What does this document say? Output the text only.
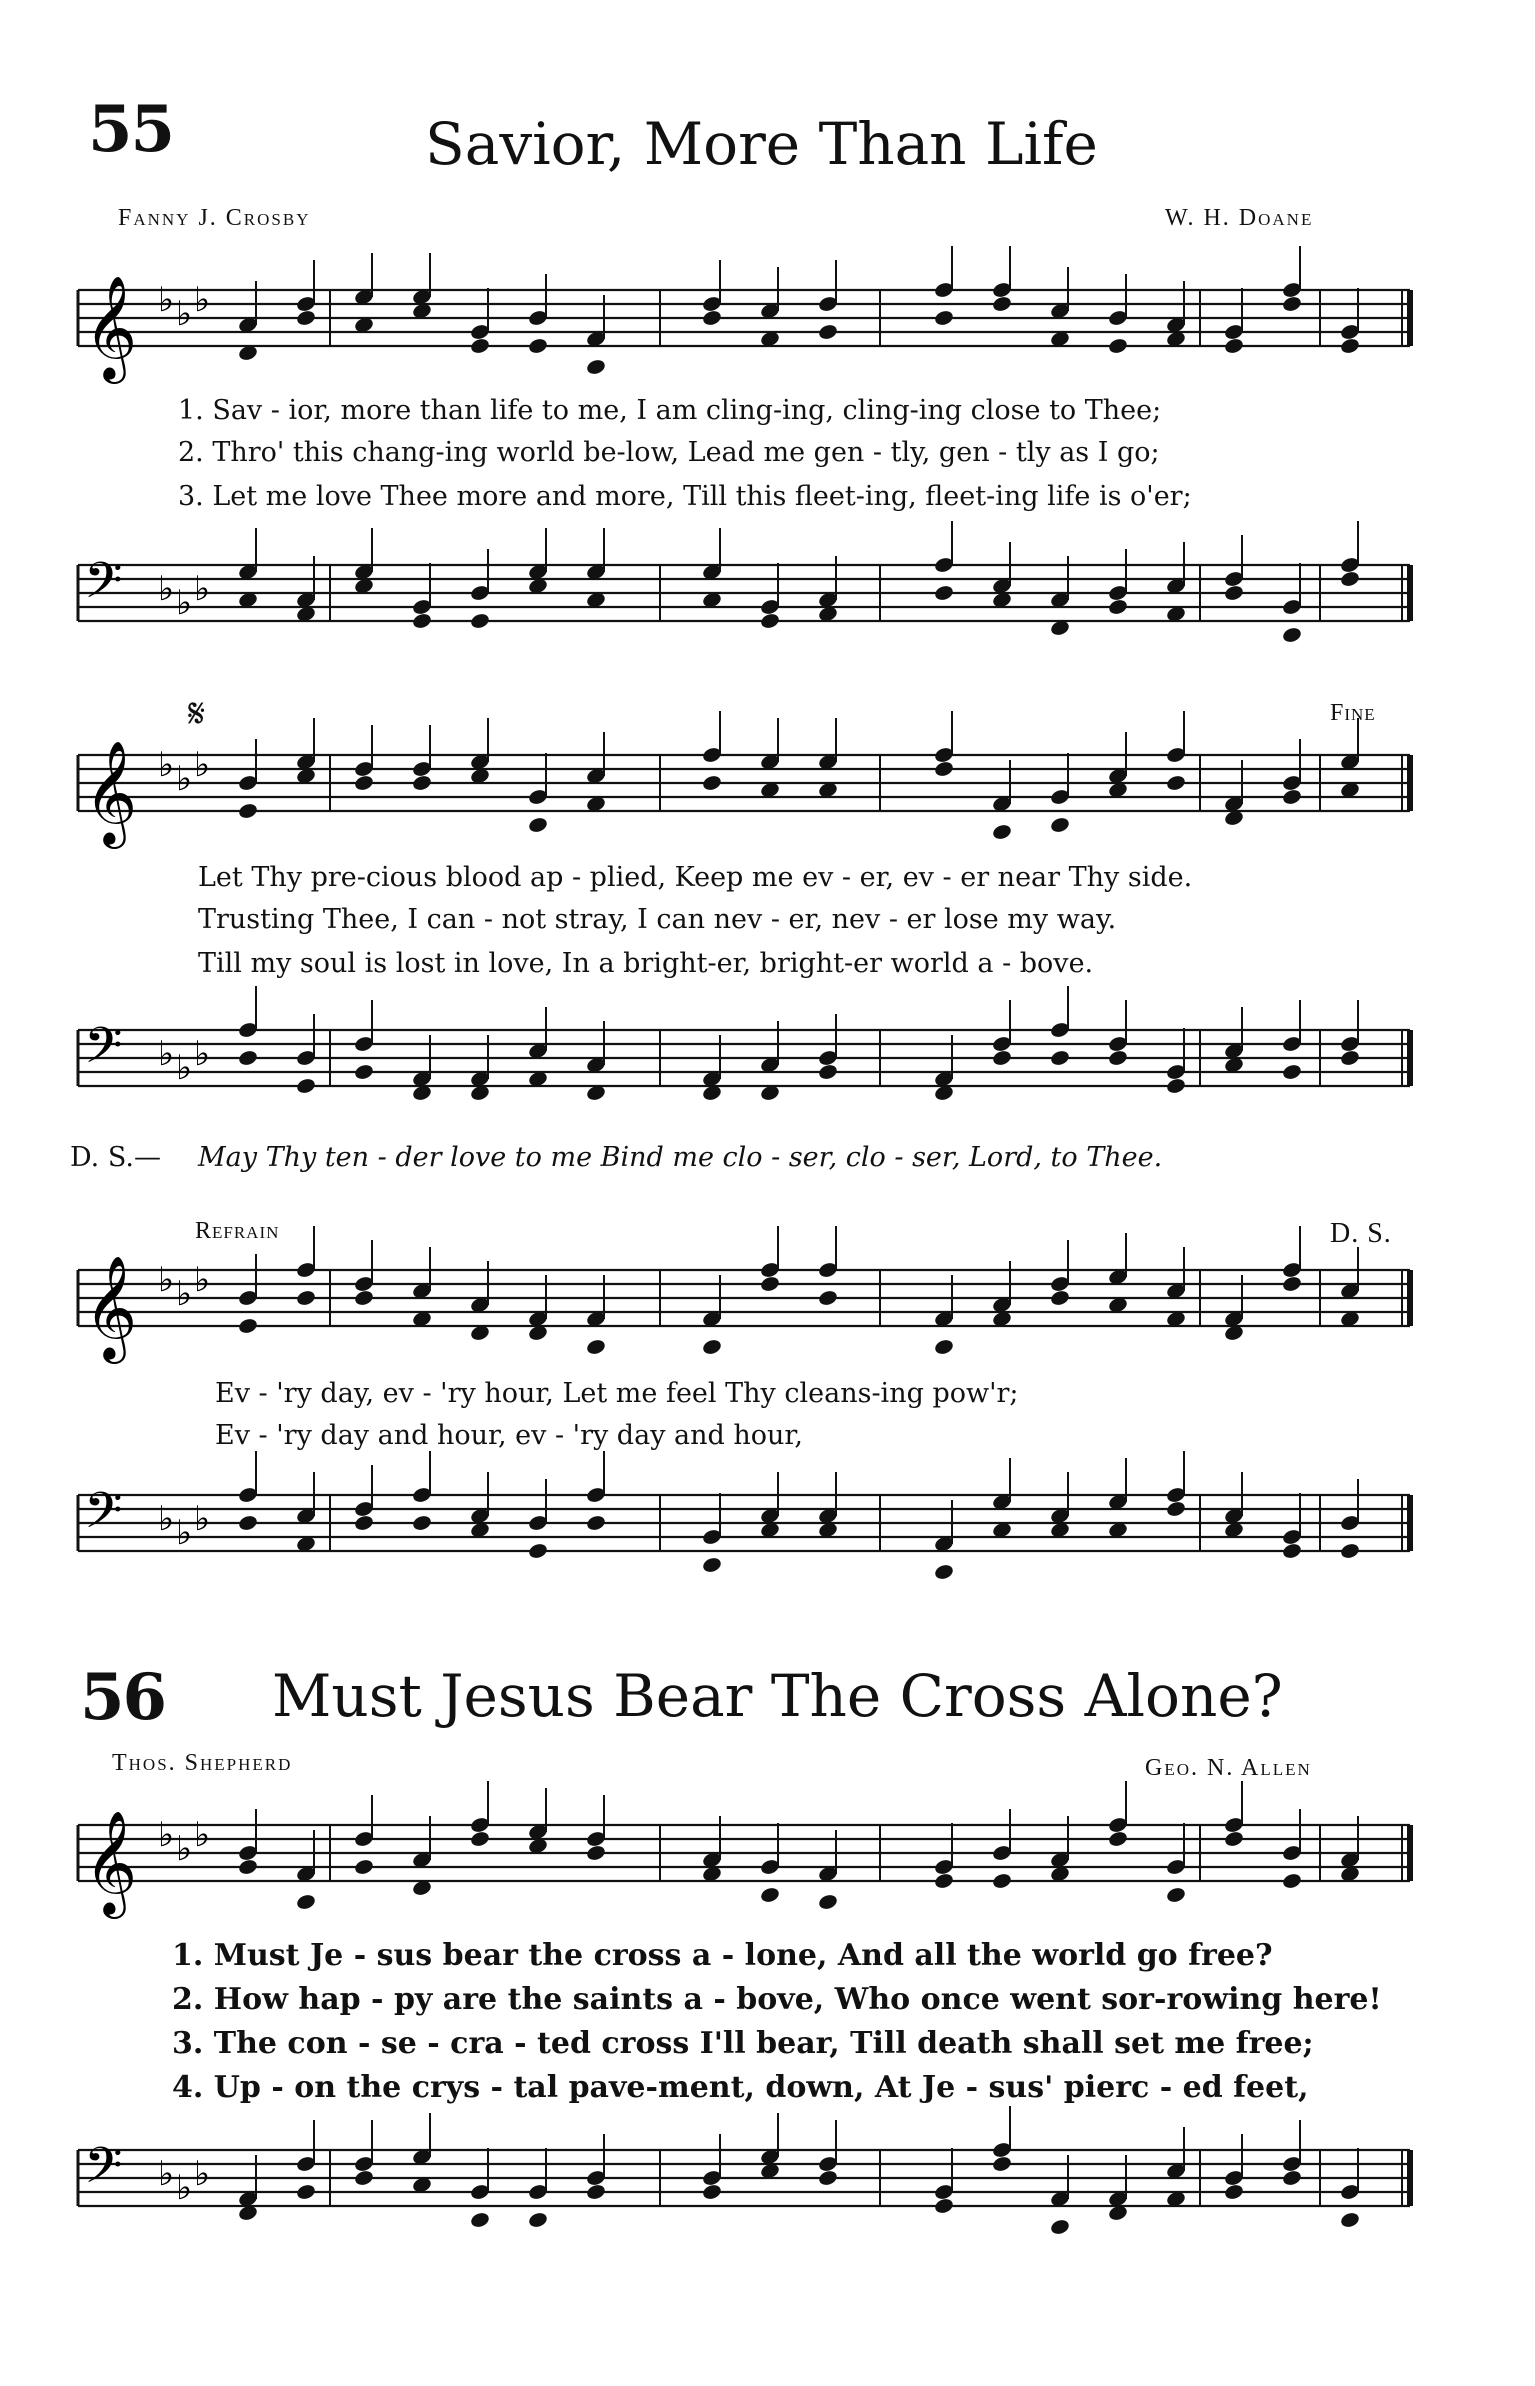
55	Savior, More Than Life
Fanny J. Crosby	W. H. Doane
𝄞 ♭ ♭ ♭
1. Sav - ior, more than life to me, I am cling-ing, cling-ing close to Thee;
2. Thro' this chang-ing world be-low, Lead me gen - tly, gen - tly as I go;
3. Let me love Thee more and more, Till this fleet-ing, fleet-ing life is o'er;
𝄢 ♭ ♭ ♭
𝄋	Fine
𝄞 ♭ ♭ ♭
Let Thy pre-cious blood ap - plied, Keep me ev - er, ev - er near Thy side.
Trusting Thee, I can - not stray, I can nev - er, nev - er lose my way.
Till my soul is lost in love, In a bright-er, bright-er world a - bove.
𝄢 ♭ ♭ ♭
D. S.— May Thy ten - der love to me Bind me clo - ser, clo - ser, Lord, to Thee.
Refrain	D. S.
𝄞 ♭ ♭ ♭
Ev - 'ry day, ev - 'ry hour, Let me feel Thy cleans-ing pow'r;
Ev - 'ry day and hour, ev - 'ry day and hour,
𝄢 ♭ ♭ ♭
56 Must Jesus Bear The Cross Alone?
Thos. Shepherd	Geo. N. Allen
𝄞 ♭ ♭ ♭
1. Must Je - sus bear the cross a - lone, And all the world go free?
2. How hap - py are the saints a - bove, Who once went sor-rowing here!
3. The con - se - cra - ted cross I'll bear, Till death shall set me free;
4. Up - on the crys - tal pave-ment, down, At Je - sus' pierc - ed feet,
𝄢 ♭ ♭ ♭
